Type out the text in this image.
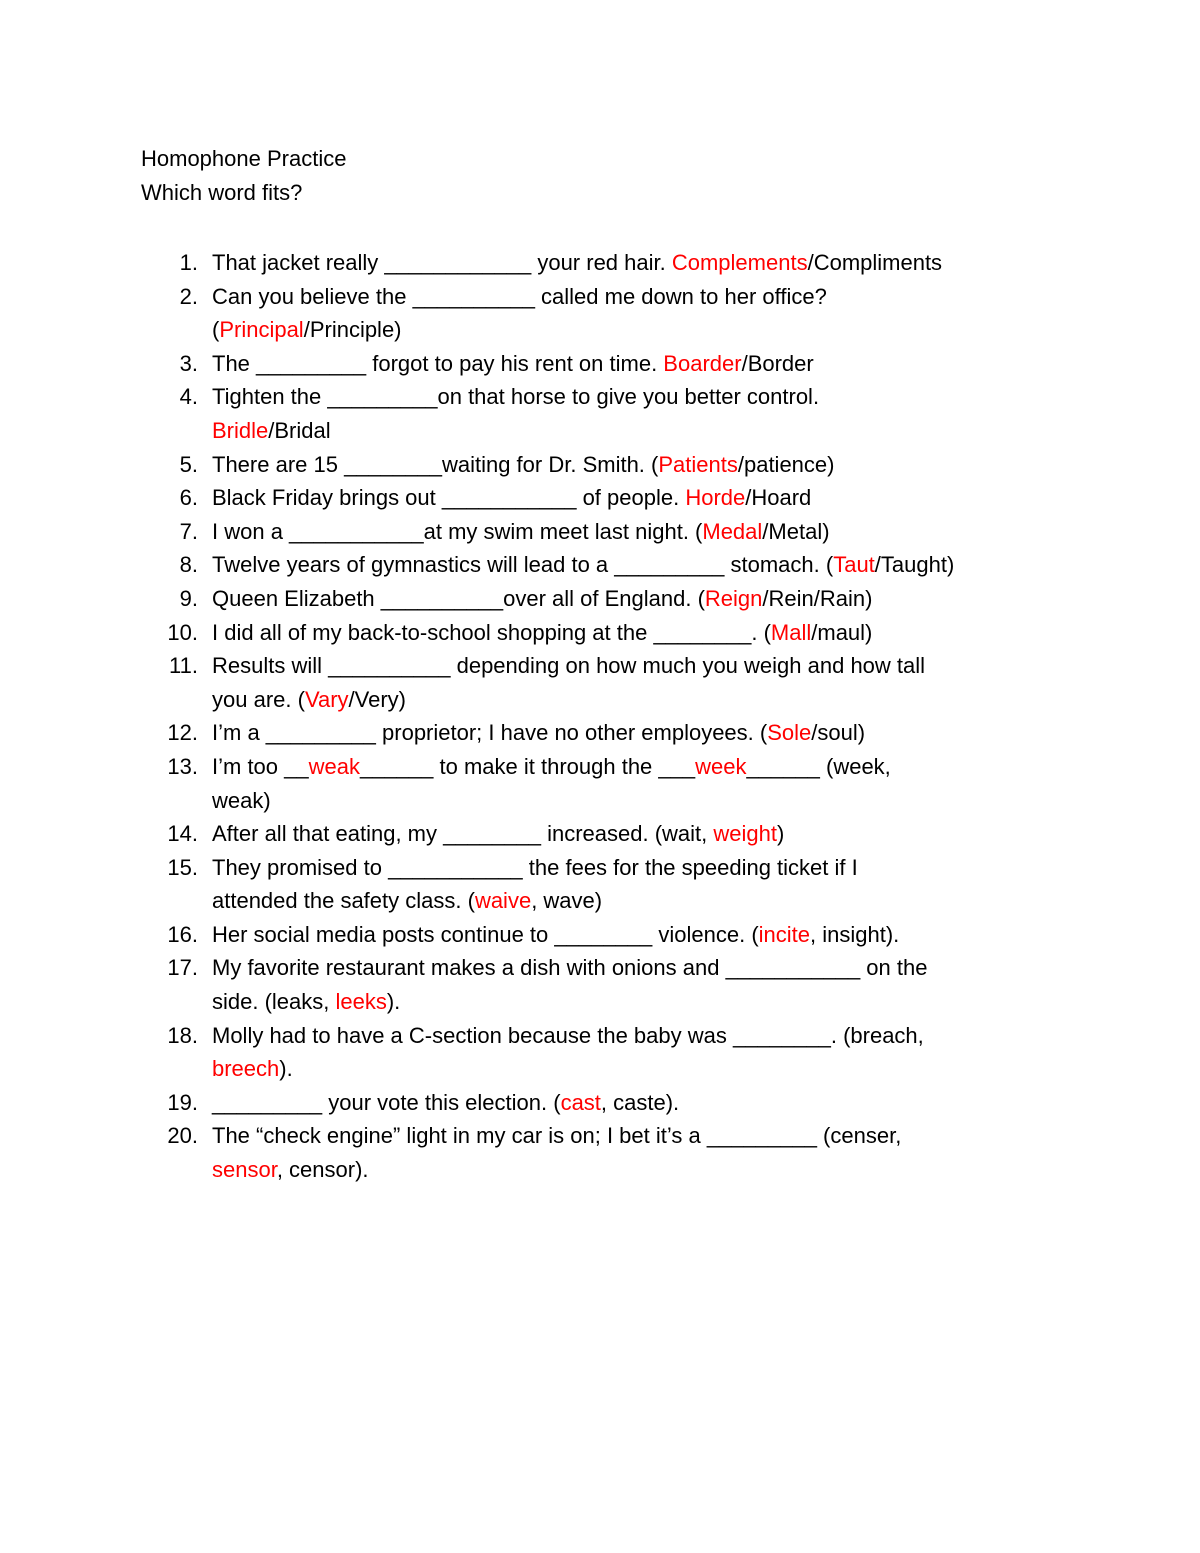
Homophone Practice
Which word fits?
1. That jacket really ____________ your red hair. Complements/Compliments
2. Can you believe the __________ called me down to her office?
(Principal/Principle)
3. The _________ forgot to pay his rent on time. Boarder/Border
4. Tighten the _________on that horse to give you better control.
Bridle/Bridal
5. There are 15 ________waiting for Dr. Smith. (Patients/patience)
6. Black Friday brings out ___________ of people. Horde/Hoard
7. I won a ___________at my swim meet last night. (Medal/Metal)
8. Twelve years of gymnastics will lead to a _________ stomach. (Taut/Taught)
9. Queen Elizabeth __________over all of England. (Reign/Rein/Rain)
10. I did all of my back-to-school shopping at the ________. (Mall/maul)
11. Results will __________ depending on how much you weigh and how tall
you are. (Vary/Very)
12. I’m a _________ proprietor; I have no other employees. (Sole/soul)
13. I’m too __weak______ to make it through the ___week______ (week,
weak)
14. After all that eating, my ________ increased. (wait, weight)
15. They promised to ___________ the fees for the speeding ticket if I
attended the safety class. (waive, wave)
16. Her social media posts continue to ________ violence. (incite, insight).
17. My favorite restaurant makes a dish with onions and ___________ on the
side. (leaks, leeks).
18. Molly had to have a C-section because the baby was ________. (breach,
breech).
19. _________ your vote this election. (cast, caste).
20. The “check engine” light in my car is on; I bet it’s a _________ (censer,
sensor, censor).
